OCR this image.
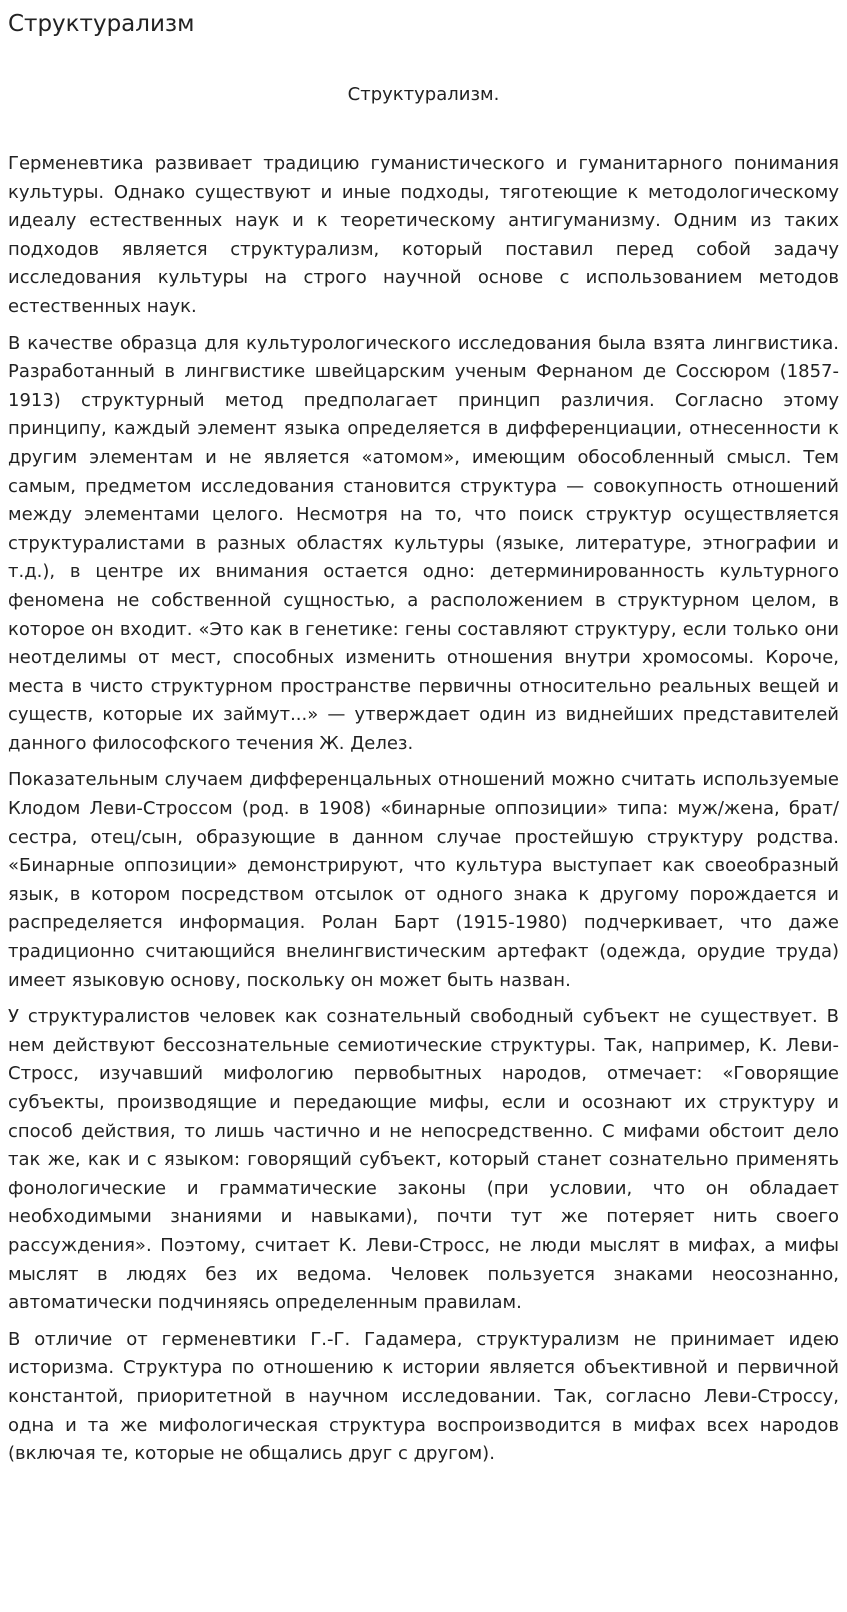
Структурализм
Структурализм.

Герменевтика развивает традицию гуманистического и гуманитарного понимания культуры. Однако существуют и иные подходы, тяготеющие к методологическому идеалу естественных наук и к теоретическому антигуманизму. Одним из таких подходов является структурализм, который поставил перед собой задачу исследования культуры на строго научной основе с использованием методов естественных наук.

В качестве образца для культурологического исследования была взята лингвистика. Разработанный в лингвистике швейцарским ученым Фернаном де Соссюром (1857-1913) структурный метод предполагает принцип различия. Согласно этому принципу, каждый элемент языка определяется в дифференциации, отнесенности к другим элементам и не является «атомом», имеющим обособленный смысл. Тем самым, предметом исследования становится структура — совокупность отношений между элементами целого. Несмотря на то, что поиск структур осуществляется структуралистами в разных областях культуры (языке, литературе, этнографии и т.д.), в центре их внимания остается одно: детерминированность культурного феномена не собственной сущностью, а расположением в структурном целом, в которое он входит. «Это как в генетике: гены составляют структуру, если только они неотделимы от мест, способных изменить отношения внутри хромосомы. Короче, места в чисто структурном пространстве первичны относительно реальных вещей и существ, которые их займут...» — утверждает один из виднейших представителей данного философского течения Ж. Делез.

Показательным случаем дифференцальных отношений можно считать используемые Клодом Леви-Строссом (род. в 1908) «бинарные оппозиции» типа: муж/жена, брат/сестра, отец/сын, образующие в данном случае простейшую структуру родства. «Бинарные оппозиции» демонстрируют, что культура выступает как своеобразный язык, в котором посредством отсылок от одного знака к другому порождается и распределяется информация. Ролан Барт (1915-1980) подчеркивает, что даже традиционно считающийся внелингвистическим артефакт (одежда, орудие труда) имеет языковую основу, поскольку он может быть назван.

У структуралистов человек как сознательный свободный субъект не существует. В нем действуют бессознательные семиотические структуры. Так, например, К. Леви-Стросс, изучавший мифологию первобытных народов, отмечает: «Говорящие субъекты, производящие и передающие мифы, если и осознают их структуру и способ действия, то лишь частично и не непосредственно. С мифами обстоит дело так же, как и с языком: говорящий субъект, который станет сознательно применять фонологические и грамматические законы (при условии, что он обладает необходимыми знаниями и навыками), почти тут же потеряет нить своего рассуждения». Поэтому, считает К. Леви-Стросс, не люди мыслят в мифах, а мифы мыслят в людях без их ведома. Человек пользуется знаками неосознанно, автоматически подчиняясь определенным правилам.

В отличие от герменевтики Г.-Г. Гадамера, структурализм не принимает идею историзма. Структура по отношению к истории является объективной и первичной константой, приоритетной в научном исследовании. Так, согласно Леви-Строссу, одна и та же мифологическая структура воспроизводится в мифах всех народов (включая те, которые не общались друг с другом).
